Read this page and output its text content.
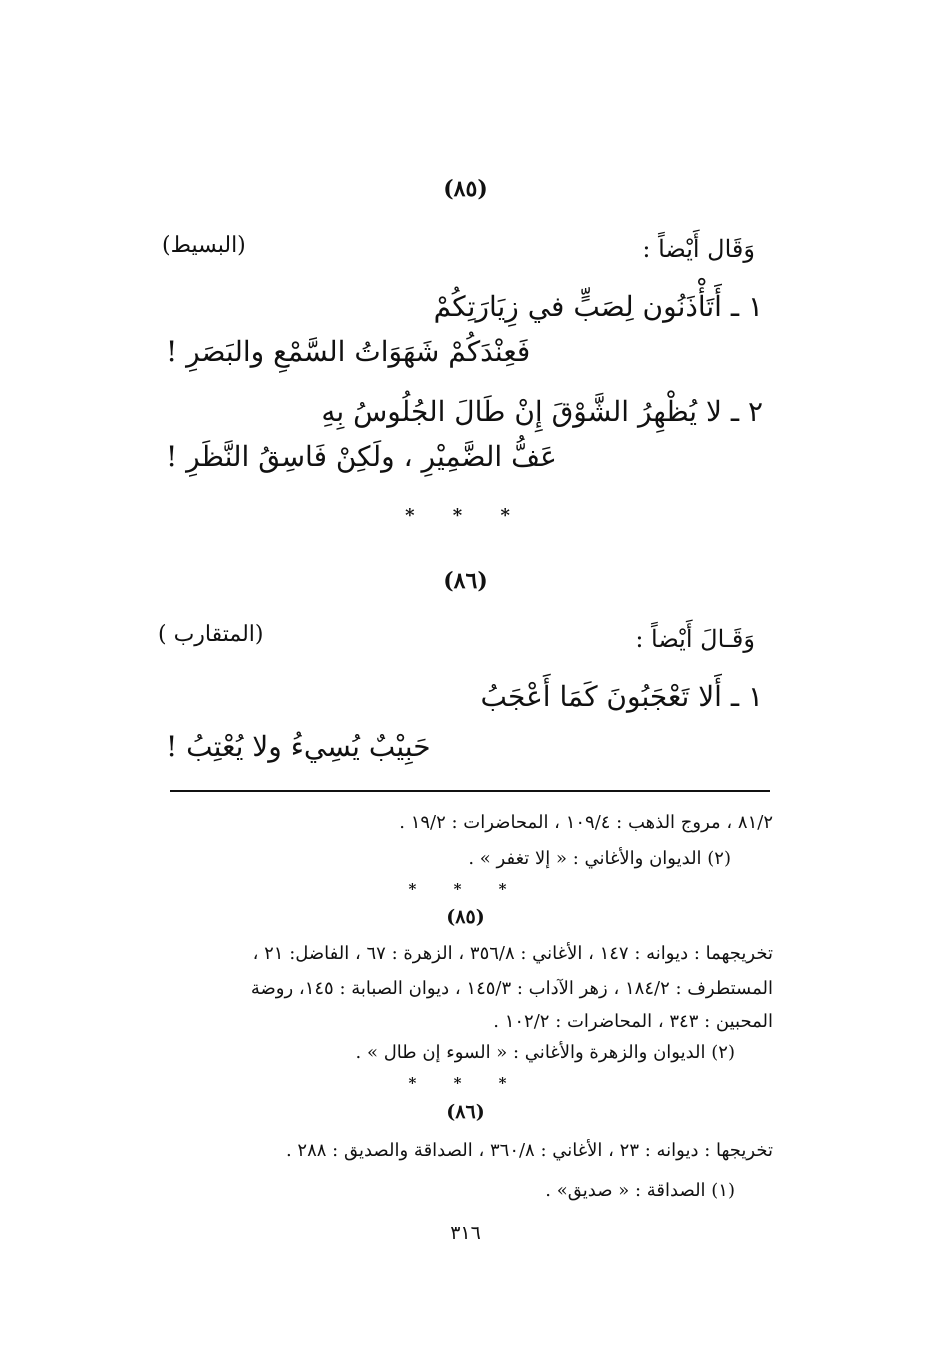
(٨٥)
وَقَال أَيْضاً :
(البسيط)
١ ـ أَتَأْذَنُون لِصَبٍّ في زِيَارَتِكُمْ
فَعِنْدَكُمْ شَهَوَاتُ السَّمْعِ والبَصَرِ !
٢ ـ لا يُظْهِرُ الشَّوْقَ إِنْ طَالَ الجُلُوسُ بِهِ
عَفُّ الضَّمِيْرِ ، ولَكِنْ فَاسِقُ النَّظَرِ !
* * *
(٨٦)
وَقَـالَ أَيْضاً :
(المتقارب )
١ ـ أَلا تَعْجَبُونَ كَمَا أَعْجَبُ
حَبِيْبٌ يُسِيءُ ولا يُعْتِبُ !
٨١/٢ ، مروج الذهب : ١٠٩/٤ ، المحاضرات : ١٩/٢ .
(٢) الديوان والأغاني : « إلا تغفر » .
* * *
(٨٥)
تخريجهما : ديوانه : ١٤٧ ، الأغاني : ٣٥٦/٨ ، الزهرة : ٦٧ ، الفاضل: ٢١ ،
المستطرف : ١٨٤/٢ ، زهر الآداب : ١٤٥/٣ ، ديوان الصبابة : ١٤٥، روضة
المحبين : ٣٤٣ ، المحاضرات : ١٠٢/٢ .
(٢) الديوان والزهرة والأغاني : « السوء إن طال » .
* * *
(٨٦)
تخريجها : ديوانه : ٢٣ ، الأغاني : ٣٦٠/٨ ، الصداقة والصديق : ٢٨٨ .
(١) الصداقة : « صديق» .
٣١٦
